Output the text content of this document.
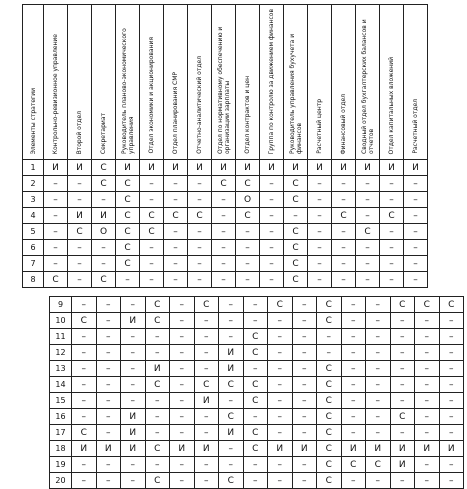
Элементы стратегии	Контрольно-ревизионное управление	Второй отдел	Секретариат	Руководитель планово-экономического управления	Отдел экономики и акционирования	Отдел планирования СМР	Отчетно-аналитический отдел	Отдел по нормативному обеспечению и организации зарплаты	Отдел контрактов и цен	Группа по контролю за движением финансов	Руководитель управления бухучета и финансов	Расчетный центр	Финансовый отдел	Сводный отдел бухгалтерских балансов и отчетов	Отдел капитальных вложений	Расчетный отдел
1	И	И	С	И	И	И	И	И	И	И	И	И	И	И	И	И
2	–	–	С	С	–	–	–	С	С	–	С	–	–	–	–	–
3	–	–	–	С	–	–	–	–	О	–	С	–	–	–	–	–
4	–	И	И	С	С	С	С	–	С	–	–	–	С	–	С	–
5	–	С	О	С	С	–	–	–	–	–	С	–	–	С	–	–
6	–	–	–	С	–	–	–	–	–	–	С	–	–	–	–	–
7	–	–	–	С	–	–	–	–	–	–	С	–	–	–	–	–
8	С	–	С	–	–	–	–	–	–	–	С	–	–	–	–	–
9	–	–	–	С	–	С	–	–	С	–	С	–	–	С	С	С
10	С	–	И	С	–	–	–	–	–	–	С	–	–	–	–	–
11	–	–	–	–	–	–	–	С	–	–	–	–	–	–	–	–
12	–	–	–	–	–	–	И	С	–	–	–	–	–	–	–	–
13	–	–	–	И	–	–	И	–	–	–	С	–	–	–	–	–
14	–	–	–	С	–	С	С	С	–	–	С	–	–	–	–	–
15	–	–	–	–	–	И	–	С	–	–	С	–	–	–	–	–
16	–	–	И	–	–	–	С	–	–	–	С	–	–	С	–	–
17	С	–	И	–	–	–	И	С	–	–	С	–	–	–	–	–
18	И	И	И	С	И	И	–	С	И	И	С	И	И	И	И	И
19	–	–	–	–	–	–	–	–	–	–	С	С	С	И	–	–
20	–	–	–	С	–	–	С	–	–	–	С	–	–	–	–	–
